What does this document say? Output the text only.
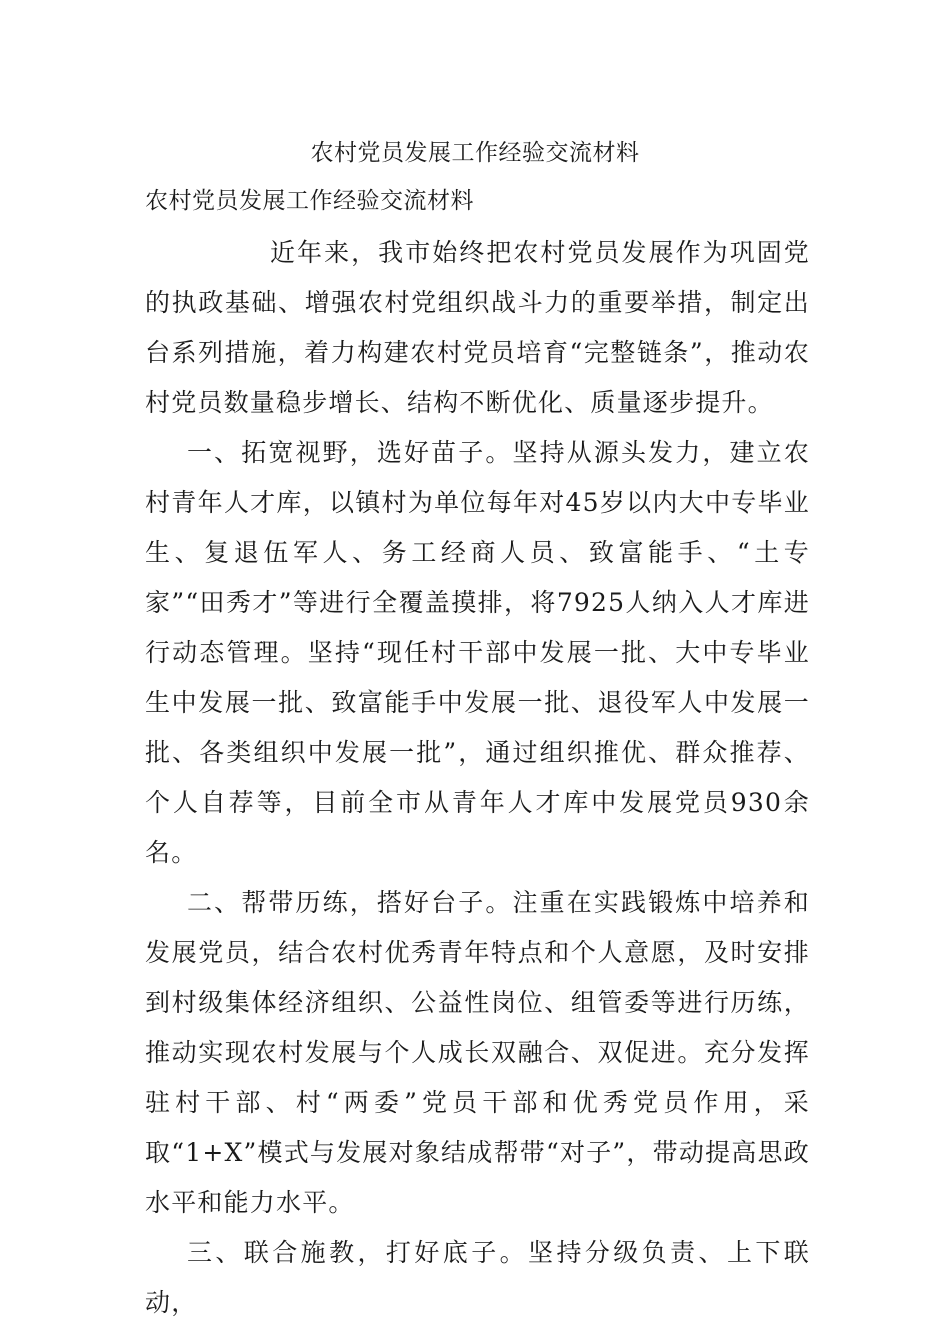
农村党员发展工作经验交流材料
农村党员发展工作经验交流材料

近年来，我市始终把农村党员发展作为巩固党的执政基础、增强农村党组织战斗力的重要举措，制定出台系列措施，着力构建农村党员培育“完整链条”，推动农村党员数量稳步增长、结构不断优化、质量逐步提升。

一、拓宽视野，选好苗子。坚持从源头发力，建立农村青年人才库，以镇村为单位每年对45岁以内大中专毕业生、复退伍军人、务工经商人员、致富能手、“土专家”“田秀才”等进行全覆盖摸排，将7925人纳入人才库进行动态管理。坚持“现任村干部中发展一批、大中专毕业生中发展一批、致富能手中发展一批、退役军人中发展一批、各类组织中发展一批”，通过组织推优、群众推荐、个人自荐等，目前全市从青年人才库中发展党员930余名。

二、帮带历练，搭好台子。注重在实践锻炼中培养和发展党员，结合农村优秀青年特点和个人意愿，及时安排到村级集体经济组织、公益性岗位、组管委等进行历练，推动实现农村发展与个人成长双融合、双促进。充分发挥驻村干部、村“两委”党员干部和优秀党员作用，采取“1+X”模式与发展对象结成帮带“对子”，带动提高思政水平和能力水平。

三、联合施教，打好底子。坚持分级负责、上下联动，
